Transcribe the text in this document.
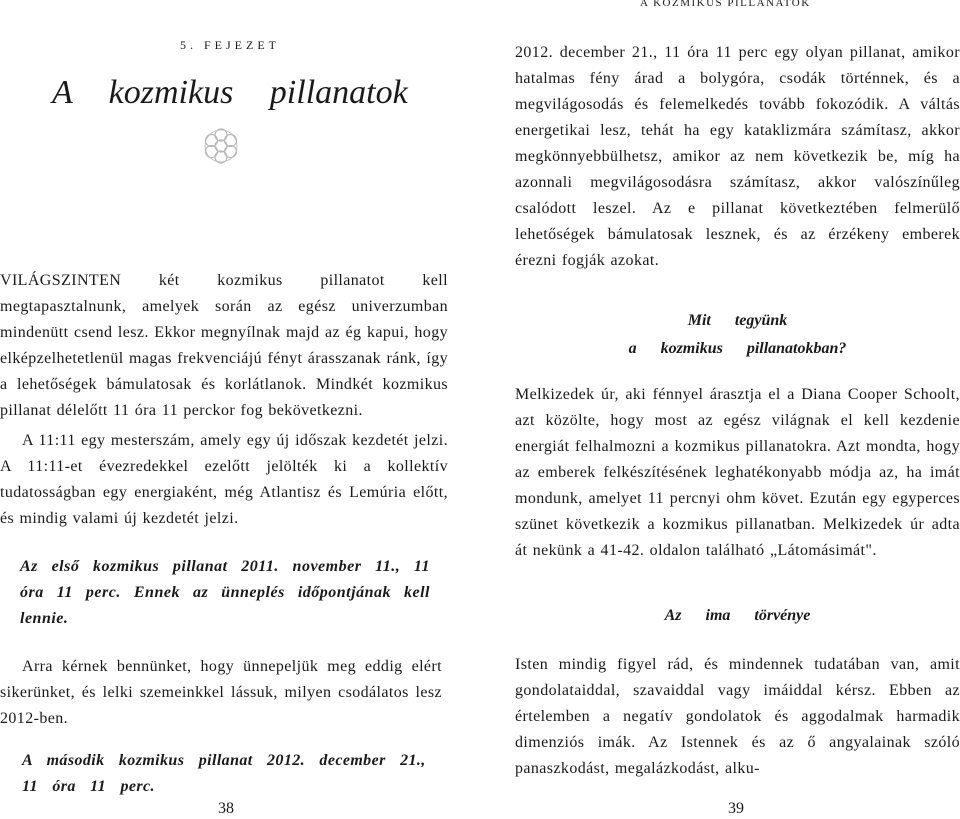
A KOZMIKUS PILLANATOK
5. FEJEZET
A kozmikus pillanatok

VILÁGSZINTEN két kozmikus pillanatot kell megtapasztalnunk, amelyek során az egész univerzumban mindenütt csend lesz. Ekkor megnyílnak majd az ég kapui, hogy elképzelhetetlenül magas frekvenciájú fényt árasszanak ránk, így a lehetőségek bámulatosak és korlátlanok. Mindkét kozmikus pillanat délelőtt 11 óra 11 perckor fog bekövetkezni.

A 11:11 egy mesterszám, amely egy új időszak kezdetét jelzi. A 11:11-et évezredekkel ezelőtt jelölték ki a kollektív tudatosságban egy energiaként, még Atlantisz és Lemúria előtt, és mindig valami új kezdetét jelzi.

Az első kozmikus pillanat 2011. november 11., 11 óra 11 perc. Ennek az ünneplés időpontjának kell lennie.

Arra kérnek bennünket, hogy ünnepeljük meg eddig elért sikerünket, és lelki szemeinkkel lássuk, milyen csodálatos lesz 2012-ben.

A második kozmikus pillanat 2012. december 21., 11 óra 11 perc.

38

2012. december 21., 11 óra 11 perc egy olyan pillanat, amikor hatalmas fény árad a bolygóra, csodák történnek, és a megvilágosodás és felemelkedés tovább fokozódik. A váltás energetikai lesz, tehát ha egy kataklizmára számítasz, akkor megkönnyebbülhetsz, amikor az nem következik be, míg ha azonnali megvilágosodásra számítasz, akkor valószínűleg csalódott leszel. Az e pillanat következtében felmerülő lehetőségek bámulatosak lesznek, és az érzékeny emberek érezni fogják azokat.

Mit tegyünk
a kozmikus pillanatokban?

Melkizedek úr, aki fénnyel árasztja el a Diana Cooper Schoolt, azt közölte, hogy most az egész világnak el kell kezdenie energiát felhalmozni a kozmikus pillanatokra. Azt mondta, hogy az emberek felkészítésének leghatékonyabb módja az, ha imát mondunk, amelyet 11 percnyi ohm követ. Ezután egy egyperces szünet következik a kozmikus pillanatban. Melkizedek úr adta át nekünk a 41-42. oldalon található „Látomásimát".

Az ima törvénye

Isten mindig figyel rád, és mindennek tudatában van, amit gondolataiddal, szavaiddal vagy imáiddal kérsz. Ebben az értelemben a negatív gondolatok és aggodalmak harmadik dimenziós imák. Az Istennek és az ő angyalainak szóló panaszkodást, megalázkodást, alku-

39
